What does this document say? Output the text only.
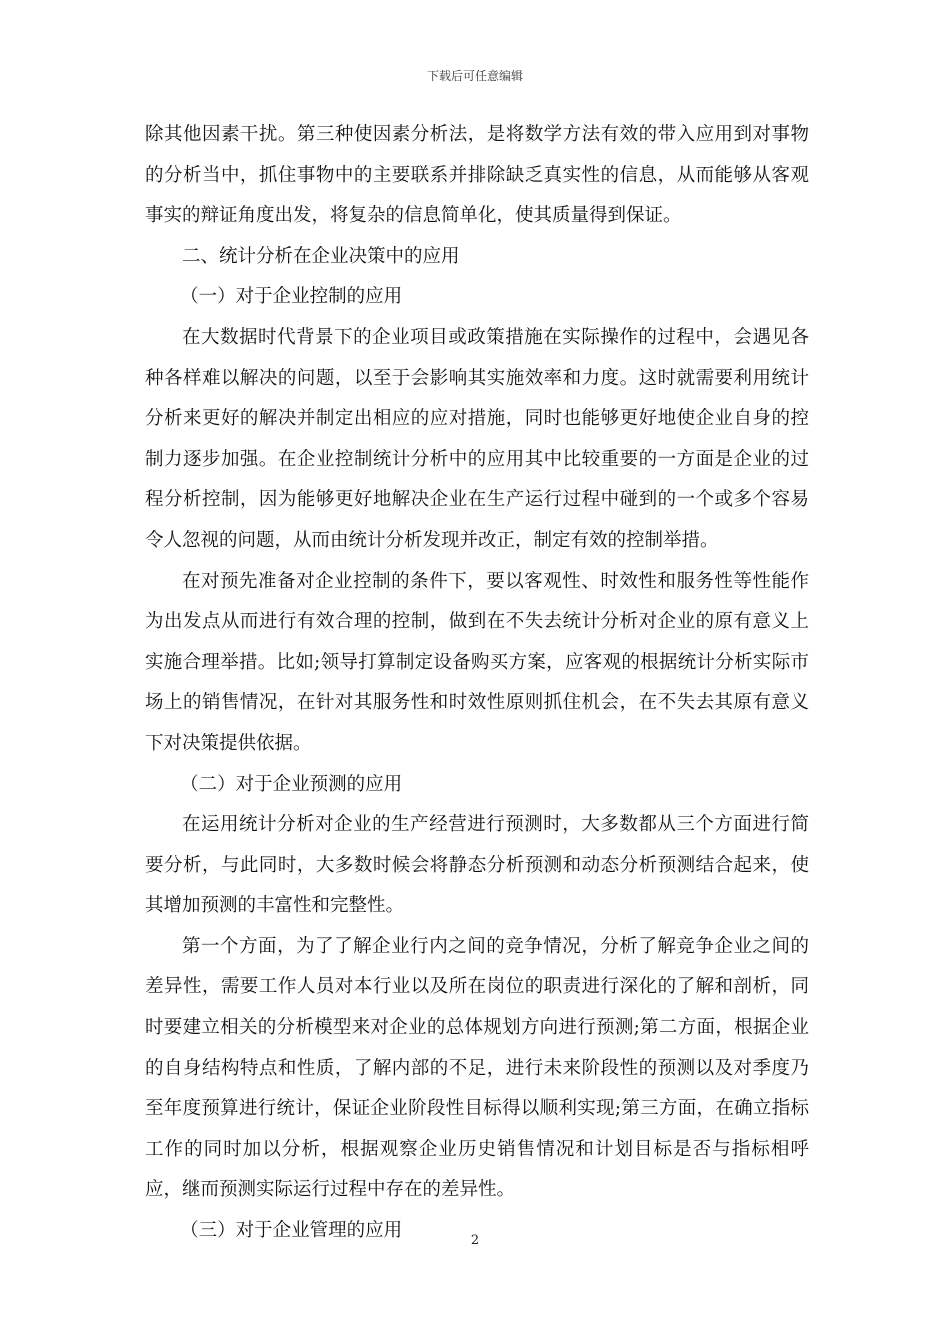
下载后可任意编辑

除其他因素干扰。第三种使因素分析法，是将数学方法有效的带入应用到对事物的分析当中，抓住事物中的主要联系并排除缺乏真实性的信息，从而能够从客观事实的辩证角度出发，将复杂的信息简单化，使其质量得到保证。

二、统计分析在企业决策中的应用

（一）对于企业控制的应用

在大数据时代背景下的企业项目或政策措施在实际操作的过程中，会遇见各种各样难以解决的问题，以至于会影响其实施效率和力度。这时就需要利用统计分析来更好的解决并制定出相应的应对措施，同时也能够更好地使企业自身的控制力逐步加强。在企业控制统计分析中的应用其中比较重要的一方面是企业的过程分析控制，因为能够更好地解决企业在生产运行过程中碰到的一个或多个容易令人忽视的问题，从而由统计分析发现并改正，制定有效的控制举措。

在对预先准备对企业控制的条件下，要以客观性、时效性和服务性等性能作为出发点从而进行有效合理的控制，做到在不失去统计分析对企业的原有意义上实施合理举措。比如;领导打算制定设备购买方案，应客观的根据统计分析实际市场上的销售情况，在针对其服务性和时效性原则抓住机会，在不失去其原有意义下对决策提供依据。

（二）对于企业预测的应用

在运用统计分析对企业的生产经营进行预测时，大多数都从三个方面进行简要分析，与此同时，大多数时候会将静态分析预测和动态分析预测结合起来，使其增加预测的丰富性和完整性。

第一个方面，为了了解企业行内之间的竞争情况，分析了解竞争企业之间的差异性，需要工作人员对本行业以及所在岗位的职责进行深化的了解和剖析，同时要建立相关的分析模型来对企业的总体规划方向进行预测;第二方面，根据企业的自身结构特点和性质，了解内部的不足，进行未来阶段性的预测以及对季度乃至年度预算进行统计，保证企业阶段性目标得以顺利实现;第三方面，在确立指标工作的同时加以分析，根据观察企业历史销售情况和计划目标是否与指标相呼应，继而预测实际运行过程中存在的差异性。

（三）对于企业管理的应用	2
